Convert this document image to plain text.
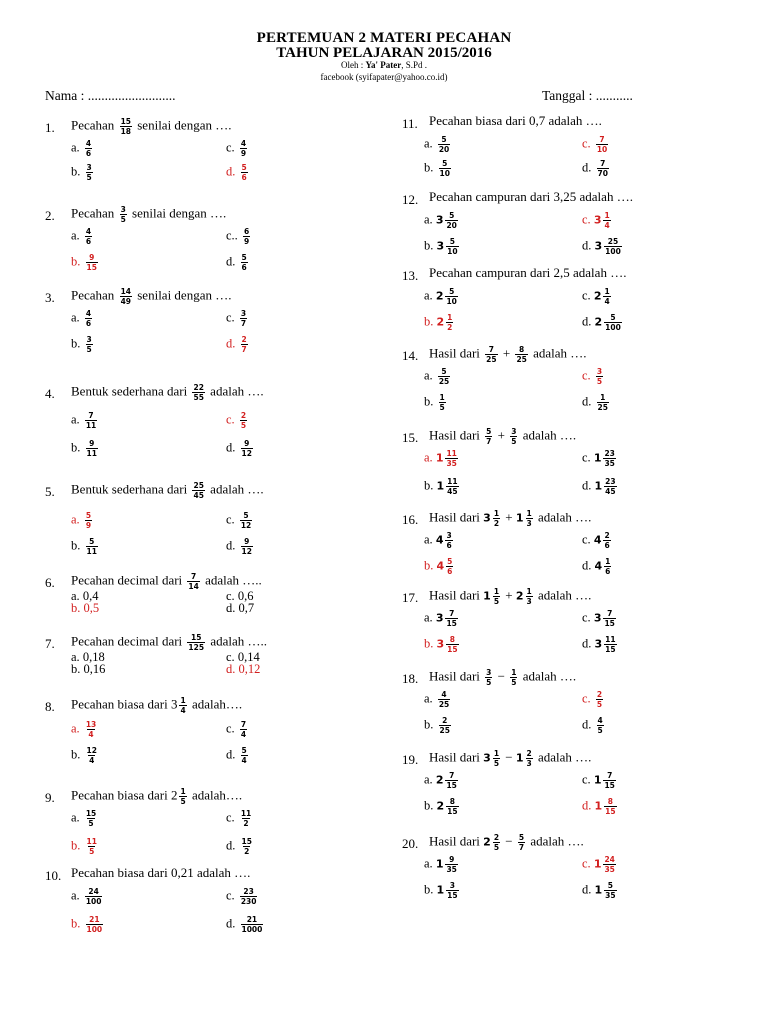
PERTEMUAN 2 MATERI PECAHAN
TAHUN PELAJARAN 2015/2016
Oleh : Ya' Pater, S.Pd .
facebook (syifapater@yahoo.co.id)
Nama : ..........................	Tanggal : ...........
1. Pecahan $\frac{15}{18}$ senilai dengan ….
a. $\frac{4}{6}$	c. $\frac{4}{9}$
b. $\frac{3}{5}$	d. $\frac{5}{6}$
2. Pecahan $\frac{3}{5}$ senilai dengan ….
a. $\frac{4}{6}$	c.. $\frac{6}{9}$
b. $\frac{9}{15}$	d. $\frac{5}{6}$
3. Pecahan $\frac{14}{49}$ senilai dengan ….
a. $\frac{4}{6}$	c. $\frac{3}{7}$
b. $\frac{3}{5}$	d. $\frac{2}{7}$
4. Bentuk sederhana dari $\frac{22}{55}$ adalah ….
a. $\frac{7}{11}$	c. $\frac{2}{5}$
b. $\frac{9}{11}$	d. $\frac{9}{12}$
5. Bentuk sederhana dari $\frac{25}{45}$ adalah ….
a. $\frac{5}{9}$	c. $\frac{5}{12}$
b. $\frac{5}{11}$	d. $\frac{9}{12}$
6. Pecahan decimal dari $\frac{7}{14}$ adalah …..
a. 0,4	c. 0,6
b. 0,5	d. 0,7
7. Pecahan decimal dari $\frac{15}{125}$ adalah …..
a. 0,18	c. 0,14
b. 0,16	d. 0,12
8. Pecahan biasa dari $3 \frac{1}{4}$ adalah….
a. $\frac{13}{4}$	c. $\frac{7}{4}$
b. $\frac{12}{4}$	d. $\frac{5}{4}$
9. Pecahan biasa dari $2 \frac{1}{5}$ adalah….
a. $\frac{15}{5}$	c. $\frac{11}{2}$
b. $\frac{11}{5}$	d. $\frac{15}{2}$
10. Pecahan biasa dari 0,21 adalah ….
a. $\frac{24}{100}$	c. $\frac{23}{230}$
b. $\frac{21}{100}$	d. $\frac{21}{1000}$
11. Pecahan biasa dari 0,7 adalah ….
a. $\frac{5}{20}$	c. $\frac{7}{10}$
b. $\frac{5}{10}$	d. $\frac{7}{70}$
12. Pecahan campuran dari 3,25 adalah ….
a. $3 \frac{5}{20}$	c. $3 \frac{1}{4}$
b. $3 \frac{5}{10}$	d. $3 \frac{25}{100}$
13. Pecahan campuran dari 2,5 adalah ….
a. $2 \frac{5}{10}$	c. $2 \frac{1}{4}$
b. $2 \frac{1}{2}$	d. $2 \frac{5}{100}$
14. Hasil dari $\frac{7}{25} + \frac{8}{25}$ adalah ….
a. $\frac{5}{25}$	c. $\frac{3}{5}$
b. $\frac{1}{5}$	d. $\frac{1}{25}$
15. Hasil dari $\frac{5}{7} + \frac{3}{5}$ adalah ….
a. $1 \frac{11}{35}$	c. $1 \frac{23}{35}$
b. $1 \frac{11}{45}$	d. $1 \frac{23}{45}$
16. Hasil dari $3 \frac{1}{2} + 1 \frac{1}{3}$ adalah ….
a. $4 \frac{3}{6}$	c. $4 \frac{2}{6}$
b. $4 \frac{5}{6}$	d. $4 \frac{1}{6}$
17. Hasil dari $1 \frac{1}{5} + 2 \frac{1}{3}$ adalah ….
a. $3 \frac{7}{15}$	c. $3 \frac{7}{15}$
b. $3 \frac{8}{15}$	d. $3 \frac{11}{15}$
18. Hasil dari $\frac{3}{5} - \frac{1}{5}$ adalah ….
a. $\frac{4}{25}$	c. $\frac{2}{5}$
b. $\frac{2}{25}$	d. $\frac{4}{5}$
19. Hasil dari $3 \frac{1}{5} - 1 \frac{2}{3}$ adalah ….
a. $2 \frac{7}{15}$	c. $1 \frac{7}{15}$
b. $2 \frac{8}{15}$	d. $1 \frac{8}{15}$
20. Hasil dari $2 \frac{2}{5} - \frac{5}{7}$ adalah ….
a. $1 \frac{9}{35}$	c. $1 \frac{24}{35}$
b. $1 \frac{3}{15}$	d. $1 \frac{5}{35}$
